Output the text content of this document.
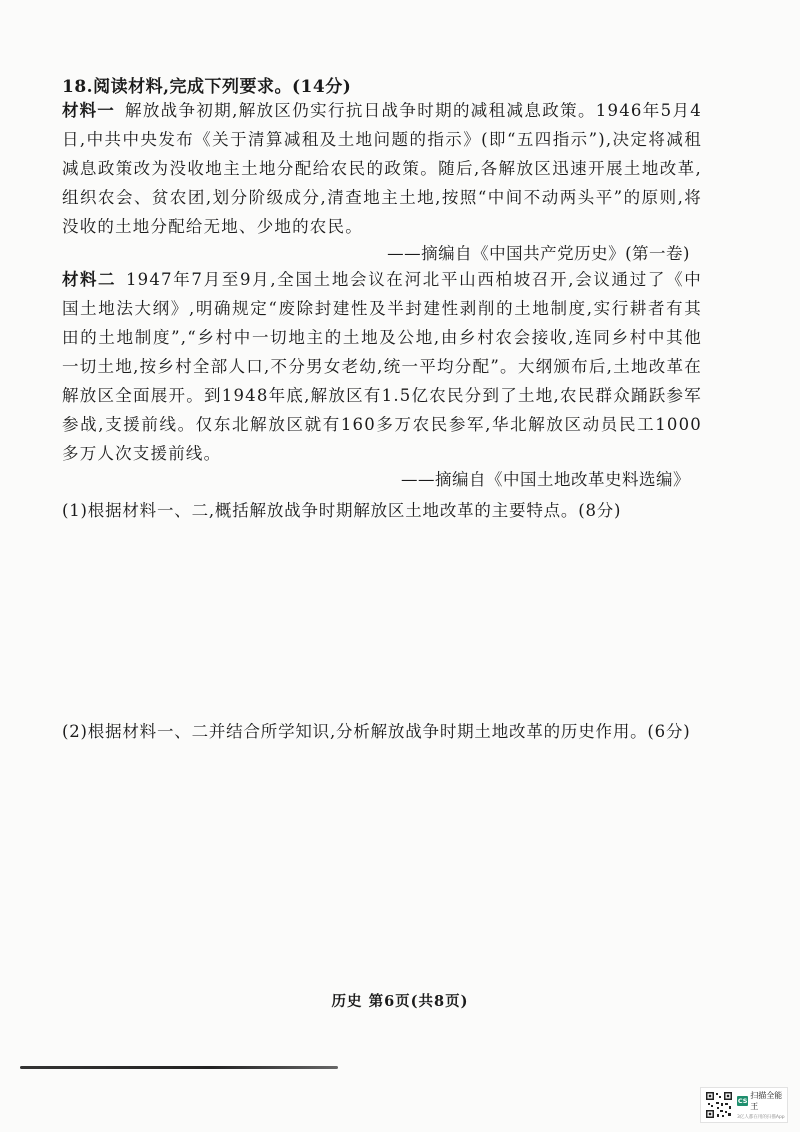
18.阅读材料,完成下列要求。(14分)
材料一 解放战争初期,解放区仍实行抗日战争时期的减租减息政策。1946年5月4日,中共中央发布《关于清算减租及土地问题的指示》(即“五四指示”),决定将减租减息政策改为没收地主土地分配给农民的政策。随后,各解放区迅速开展土地改革,组织农会、贫农团,划分阶级成分,清查地主土地,按照“中间不动两头平”的原则,将没收的土地分配给无地、少地的农民。
——摘编自《中国共产党历史》(第一卷)
材料二 1947年7月至9月,全国土地会议在河北平山西柏坡召开,会议通过了《中国土地法大纲》,明确规定“废除封建性及半封建性剥削的土地制度,实行耕者有其田的土地制度”,“乡村中一切地主的土地及公地,由乡村农会接收,连同乡村中其他一切土地,按乡村全部人口,不分男女老幼,统一平均分配”。大纲颁布后,土地改革在解放区全面展开。到1948年底,解放区有1.5亿农民分到了土地,农民群众踊跃参军参战,支援前线。仅东北解放区就有160多万农民参军,华北解放区动员民工1000多万人次支援前线。
——摘编自《中国土地改革史料选编》
(1)根据材料一、二,概括解放战争时期解放区土地改革的主要特点。(8分)
(2)根据材料一、二并结合所学知识,分析解放战争时期土地改革的历史作用。(6分)
历史 第6页(共8页)
CS
扫描全能王
3亿人都在用的扫描App
